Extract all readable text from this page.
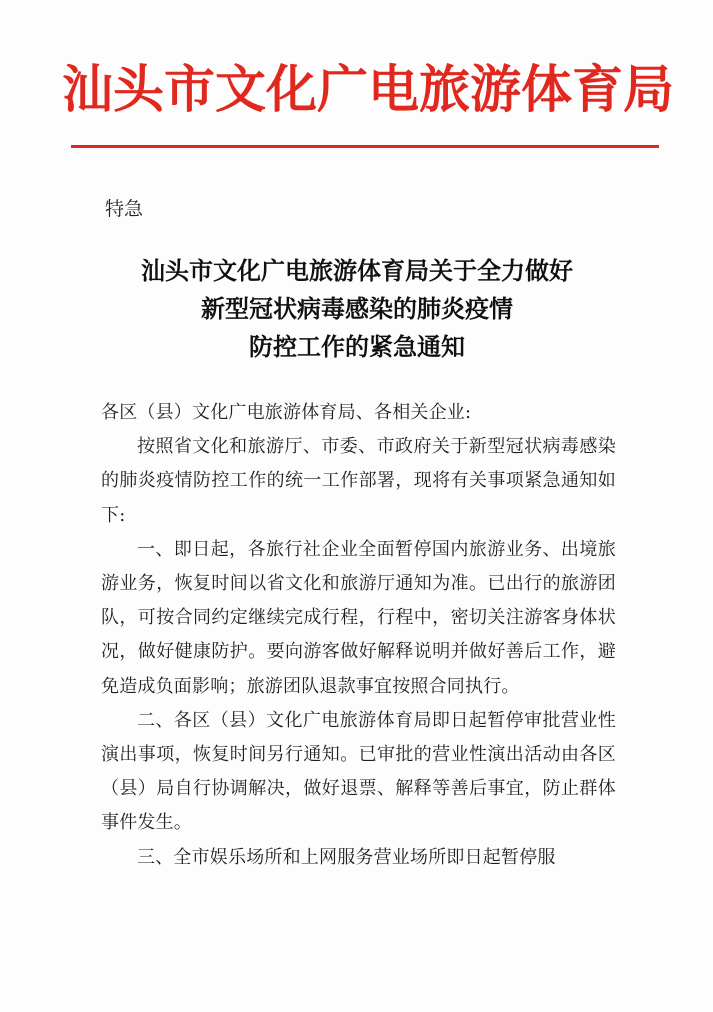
汕头市文化广电旅游体育局
特急
汕头市文化广电旅游体育局关于全力做好
新型冠状病毒感染的肺炎疫情
防控工作的紧急通知

各区（县）文化广电旅游体育局、各相关企业:

按照省文化和旅游厅、市委、市政府关于新型冠状病毒感染的肺炎疫情防控工作的统一工作部署，现将有关事项紧急通知如下:

一、即日起，各旅行社企业全面暂停国内旅游业务、出境旅游业务，恢复时间以省文化和旅游厅通知为准。已出行的旅游团队，可按合同约定继续完成行程，行程中，密切关注游客身体状况，做好健康防护。要向游客做好解释说明并做好善后工作，避免造成负面影响；旅游团队退款事宜按照合同执行。

二、各区（县）文化广电旅游体育局即日起暂停审批营业性演出事项，恢复时间另行通知。已审批的营业性演出活动由各区（县）局自行协调解决，做好退票、解释等善后事宜，防止群体事件发生。

三、全市娱乐场所和上网服务营业场所即日起暂停服
